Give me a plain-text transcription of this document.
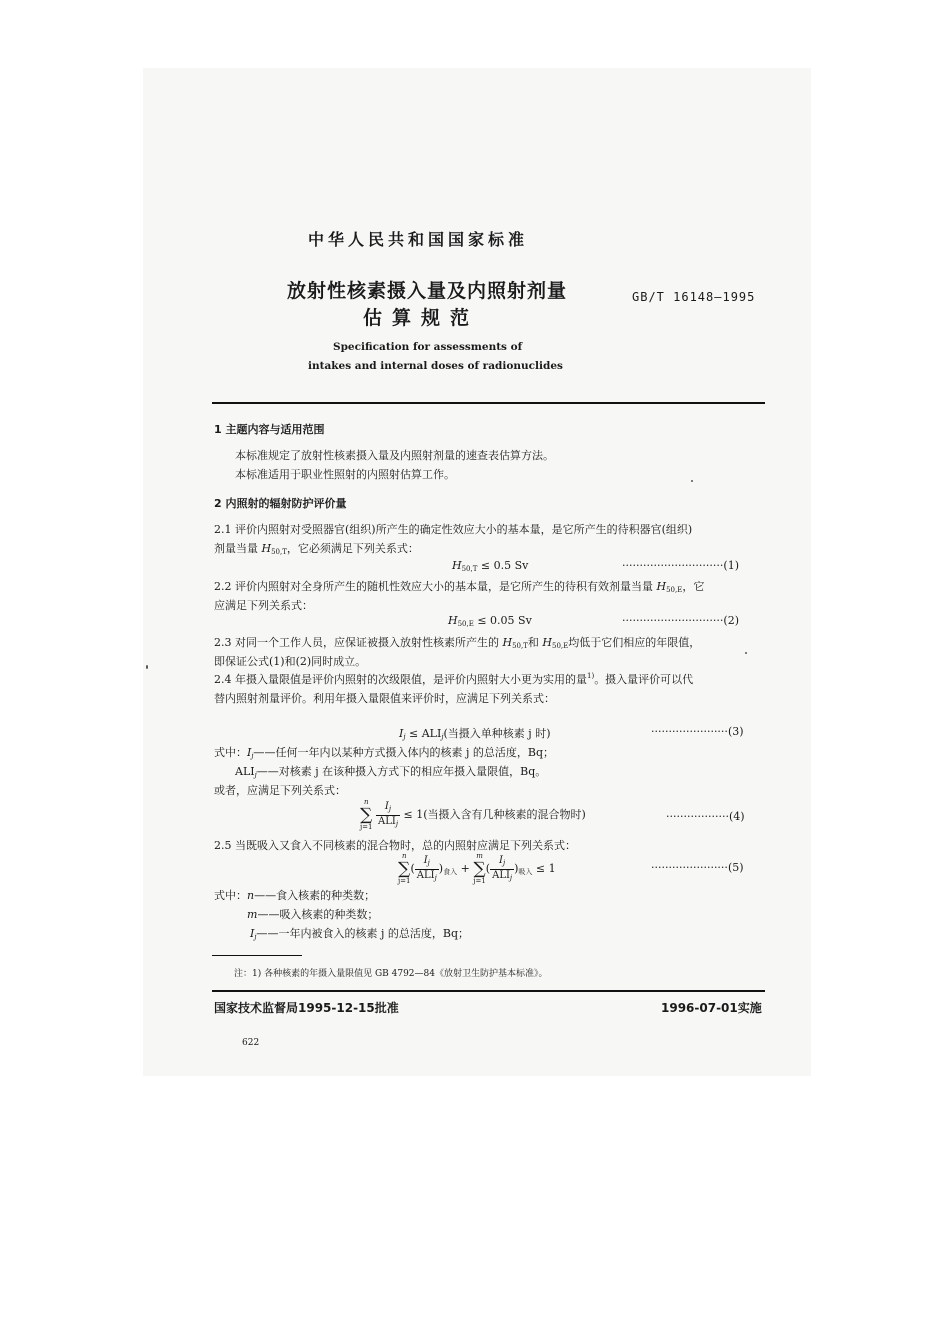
中华人民共和国国家标准
放射性核素摄入量及内照射剂量
估算规范
GB/T 16148—1995
Specification for assessments of
intakes and internal doses of radionuclides
1 主题内容与适用范围
本标准规定了放射性核素摄入量及内照射剂量的速查表估算方法。
本标准适用于职业性照射的内照射估算工作。
2 内照射的辐射防护评价量
2.1 评价内照射对受照器官(组织)所产生的确定性效应大小的基本量，是它所产生的待积器官(组织)
剂量当量 $H_{50,T}$，它必须满足下列关系式：
$H_{50,T} \le 0.5$ Sv	·····························(1)
2.2 评价内照射对全身所产生的随机性效应大小的基本量，是它所产生的待积有效剂量当量 $H_{50,E}$，它
应满足下列关系式：
$H_{50,E} \le 0.05$ Sv	·····························(2)
2.3 对同一个工作人员，应保证被摄入放射性核素所产生的 $H_{50,T}$和 $H_{50,E}$均低于它们相应的年限值，
即保证公式(1)和(2)同时成立。
2.4 年摄入量限值是评价内照射的次级限值，是评价内照射大小更为实用的量$^{1)}$。摄入量评价可以代
替内照射剂量评价。利用年摄入量限值来评价时，应满足下列关系式：
$I_j \le ALI_j$(当摄入单种核素 j 时)	······················(3)
式中：$I_j——$任何一年内以某种方式摄入体内的核素 j 的总活度，Bq；
$ALI_j——$对核素 j 在该种摄入方式下的相应年摄入量限值，Bq。
或者，应满足下列关系式：
n
∑
j=1
$\frac{I_j}{ALI_j} \le 1$(当摄入含有几种核素的混合物时)	··················(4)
2.5 当既吸入又食入不同核素的混合物时，总的内照射应满足下列关系式：
n
∑
j=1
( $\frac{I_j}{ALI_j} )_{食入}$ +
m
∑
j=1
( $\frac{I_j}{ALI_j} )_{吸入} \le 1$	······················(5)
式中：n——食入核素的种类数；
m——吸入核素的种类数；
$I_j——$一年内被食入的核素 j 的总活度，Bq；
注：1) 各种核素的年摄入量限值见 GB 4792—84《放射卫生防护基本标准》。
国家技术监督局1995-12-15批准	1996-07-01实施
622
